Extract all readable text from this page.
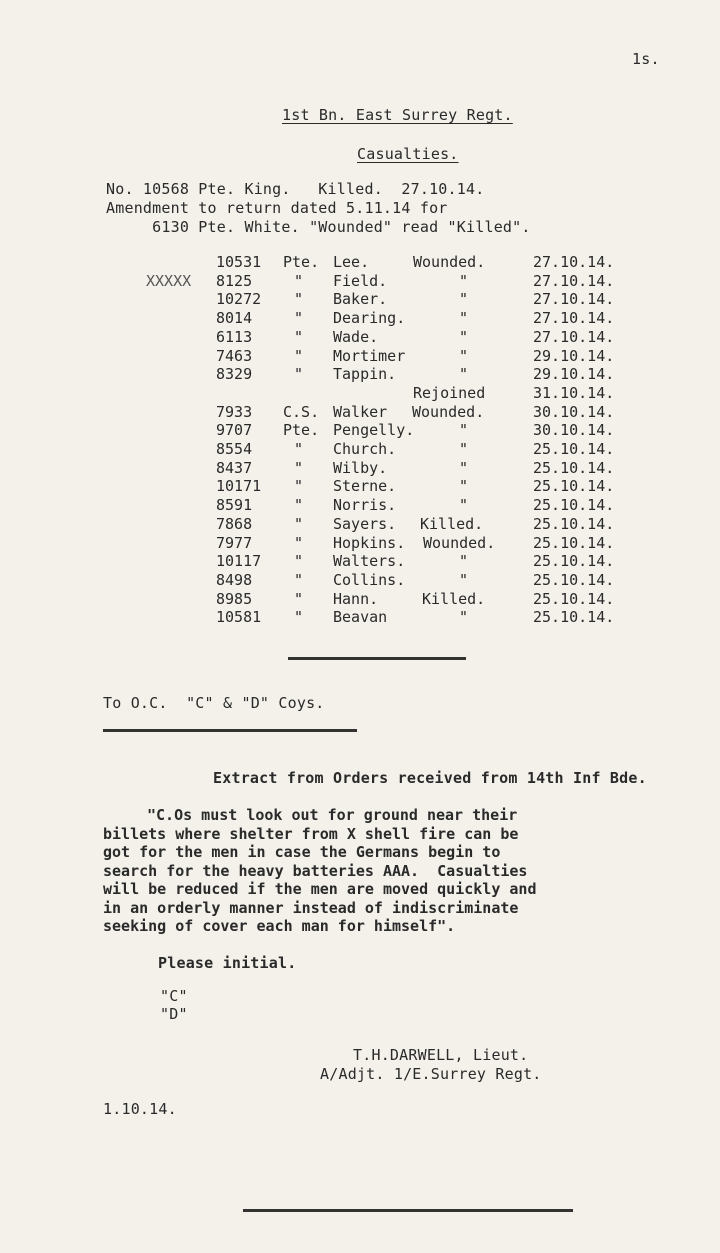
1s.
1st Bn. East Surrey Regt.
Casualties.
No. 10568 Pte. King.   Killed.  27.10.14.
Amendment to return dated 5.11.14 for
6130 Pte. White. "Wounded" read "Killed".
10531 Pte. Lee.	Wounded.	27.10.14.
XXXXX 8125	" Field.	"	27.10.14.
10272 " Baker.	"	27.10.14.
8014	" Dearing.	"	27.10.14.
6113	" Wade.	"	27.10.14.
7463	" Mortimer	"	29.10.14.
8329	" Tappin.	"	29.10.14.
Rejoined	31.10.14.
7933 C.S. Walker Wounded.	30.10.14.
9707 Pte. Pengelly.	"	30.10.14.
8554	" Church.	"	25.10.14.
8437	" Wilby.	"	25.10.14.
10171 " Sterne.	"	25.10.14.
8591	" Norris.	"	25.10.14.
7868	" Sayers. Killed.	25.10.14.
7977	" Hopkins. Wounded.	25.10.14.
10117 " Walters.	"	25.10.14.
8498	" Collins.	"	25.10.14.
8985	" Hann.	Killed.	25.10.14.
10581 " Beavan	"	25.10.14.
To O.C.  "C" & "D" Coys.
Extract from Orders received from 14th Inf Bde.
"C.Os must look out for ground near their
billets where shelter from X shell fire can be
got for the men in case the Germans begin to
search for the heavy batteries AAA.  Casualties
will be reduced if the men are moved quickly and
in an orderly manner instead of indiscriminate
seeking of cover each man for himself".
Please initial.
"C"
"D"
T.H.DARWELL, Lieut.
A/Adjt. 1/E.Surrey Regt.
1.10.14.
